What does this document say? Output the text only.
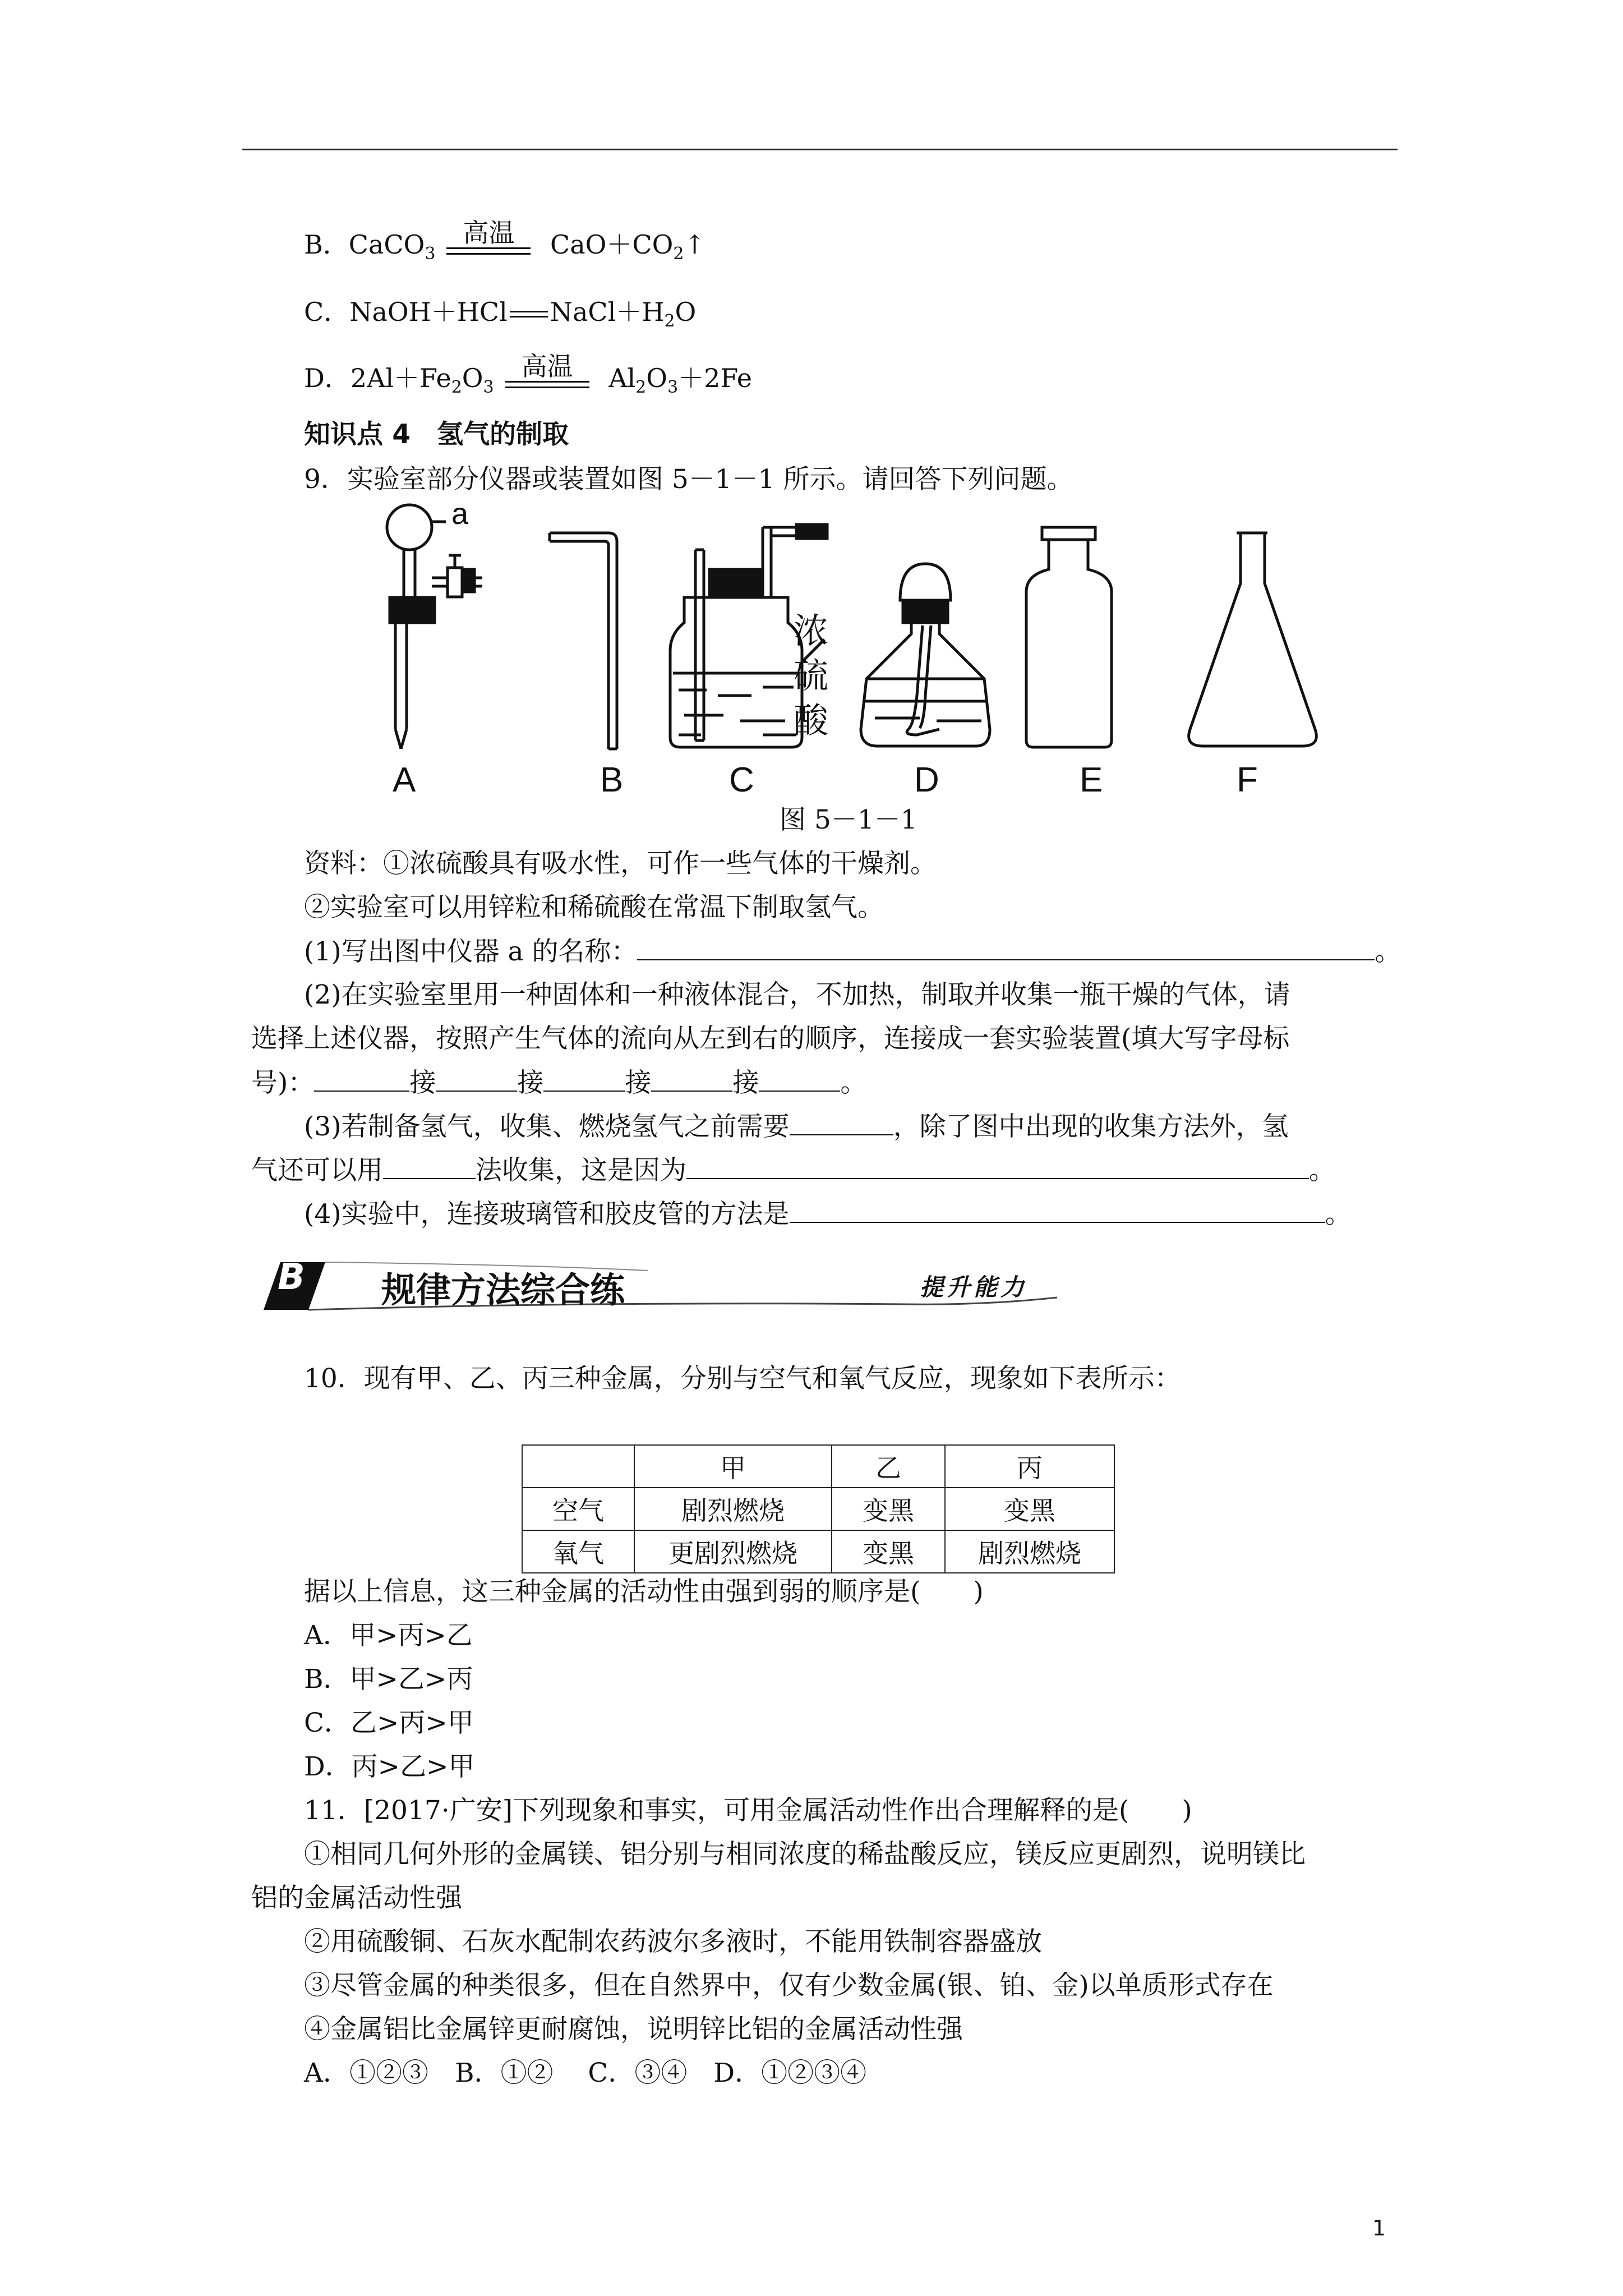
B．CaCO$_3$
高温	$CaO+CO_2↑$
C．NaOH＋HCl $NaCl+H_2O$
D．$2Al+Fe_2O_3$
高温	$Al_2O_3+2Fe$
知识点 4　氢气的制取
9．实验室部分仪器或装置如图 5－1－1 所示。请回答下列问题。
a
浓
硫
酸
A	B	C	D	E	F
图 5－1－1
资料：①浓硫酸具有吸水性，可作一些气体的干燥剂。
②实验室可以用锌粒和稀硫酸在常温下制取氢气。
(1)写出图中仪器 a 的名称：	。
(2)在实验室里用一种固体和一种液体混合，不加热，制取并收集一瓶干燥的气体，请
选择上述仪器，按照产生气体的流向从左到右的顺序，连接成一套实验装置(填大写字母标
号)：	接	接	接	接	。
(3)若制备氢气，收集、燃烧氢气之前需要	，除了图中出现的收集方法外，氢
气还可以用	法收集，这是因为	。
(4)实验中，连接玻璃管和胶皮管的方法是	。
B 规律方法综合练	提升能力
10．现有甲、乙、丙三种金属，分别与空气和氧气反应，现象如下表所示：
	甲	乙	丙
空气	剧烈燃烧	变黑	变黑
氧气	更剧烈燃烧	变黑	剧烈燃烧
据以上信息，这三种金属的活动性由强到弱的顺序是(　　)
A．甲>丙>乙
B．甲>乙>丙
C．乙>丙>甲
D．丙>乙>甲
11．[2017·广安]下列现象和事实，可用金属活动性作出合理解释的是(　　)
①相同几何外形的金属镁、铝分别与相同浓度的稀盐酸反应，镁反应更剧烈，说明镁比
铝的金属活动性强
②用硫酸铜、石灰水配制农药波尔多液时，不能用铁制容器盛放
③尽管金属的种类很多，但在自然界中，仅有少数金属(银、铂、金)以单质形式存在
④金属铝比金属锌更耐腐蚀，说明锌比铝的金属活动性强
A．①②③　B．①②　 C．③④　D．①②③④
1
